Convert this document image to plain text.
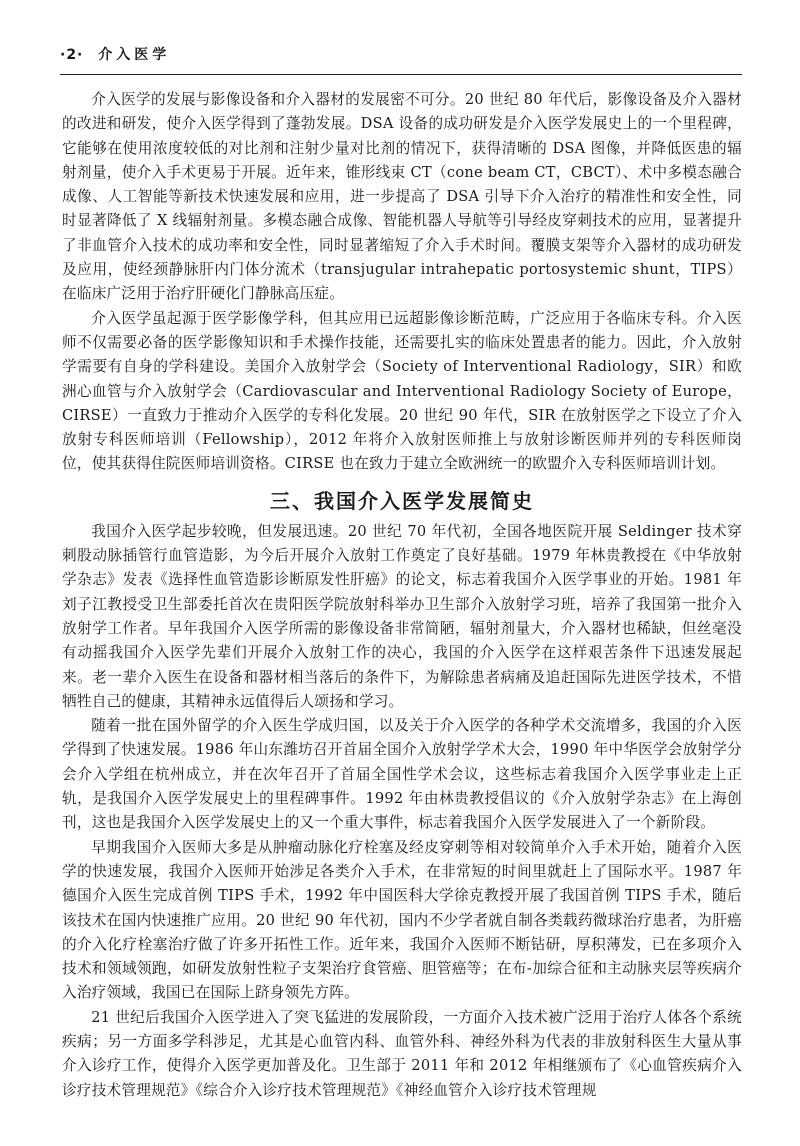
·2· 介入医学

介入医学的发展与影像设备和介入器材的发展密不可分。20 世纪 80 年代后，影像设备及介入器材的改进和研发，使介入医学得到了蓬勃发展。DSA 设备的成功研发是介入医学发展史上的一个里程碑，它能够在使用浓度较低的对比剂和注射少量对比剂的情况下，获得清晰的 DSA 图像，并降低医患的辐射剂量，使介入手术更易于开展。近年来，锥形线束 CT（cone beam CT，CBCT）、术中多模态融合成像、人工智能等新技术快速发展和应用，进一步提高了 DSA 引导下介入治疗的精准性和安全性，同时显著降低了 X 线辐射剂量。多模态融合成像、智能机器人导航等引导经皮穿刺技术的应用，显著提升了非血管介入技术的成功率和安全性，同时显著缩短了介入手术时间。覆膜支架等介入器材的成功研发及应用，使经颈静脉肝内门体分流术（transjugular intrahepatic portosystemic shunt，TIPS）在临床广泛用于治疗肝硬化门静脉高压症。

介入医学虽起源于医学影像学科，但其应用已远超影像诊断范畴，广泛应用于各临床专科。介入医师不仅需要必备的医学影像知识和手术操作技能，还需要扎实的临床处置患者的能力。因此，介入放射学需要有自身的学科建设。美国介入放射学会（Society of Interventional Radiology，SIR）和欧洲心血管与介入放射学会（Cardiovascular and Interventional Radiology Society of Europe，CIRSE）一直致力于推动介入医学的专科化发展。20 世纪 90 年代，SIR 在放射医学之下设立了介入放射专科医师培训（Fellowship），2012 年将介入放射医师推上与放射诊断医师并列的专科医师岗位，使其获得住院医师培训资格。CIRSE 也在致力于建立全欧洲统一的欧盟介入专科医师培训计划。

三、我国介入医学发展简史

我国介入医学起步较晚，但发展迅速。20 世纪 70 年代初，全国各地医院开展 Seldinger 技术穿刺股动脉插管行血管造影，为今后开展介入放射工作奠定了良好基础。1979 年林贵教授在《中华放射学杂志》发表《选择性血管造影诊断原发性肝癌》的论文，标志着我国介入医学事业的开始。1981 年刘子江教授受卫生部委托首次在贵阳医学院放射科举办卫生部介入放射学习班，培养了我国第一批介入放射学工作者。早年我国介入医学所需的影像设备非常简陋，辐射剂量大，介入器材也稀缺，但丝毫没有动摇我国介入医学先辈们开展介入放射工作的决心，我国的介入医学在这样艰苦条件下迅速发展起来。老一辈介入医生在设备和器材相当落后的条件下，为解除患者病痛及追赶国际先进医学技术，不惜牺牲自己的健康，其精神永远值得后人颂扬和学习。

随着一批在国外留学的介入医生学成归国，以及关于介入医学的各种学术交流增多，我国的介入医学得到了快速发展。1986 年山东潍坊召开首届全国介入放射学学术大会，1990 年中华医学会放射学分会介入学组在杭州成立，并在次年召开了首届全国性学术会议，这些标志着我国介入医学事业走上正轨，是我国介入医学发展史上的里程碑事件。1992 年由林贵教授倡议的《介入放射学杂志》在上海创刊，这也是我国介入医学发展史上的又一个重大事件，标志着我国介入医学发展进入了一个新阶段。

早期我国介入医师大多是从肿瘤动脉化疗栓塞及经皮穿刺等相对较简单介入手术开始，随着介入医学的快速发展，我国介入医师开始涉足各类介入手术，在非常短的时间里就赶上了国际水平。1987 年德国介入医生完成首例 TIPS 手术，1992 年中国医科大学徐克教授开展了我国首例 TIPS 手术，随后该技术在国内快速推广应用。20 世纪 90 年代初，国内不少学者就自制各类载药微球治疗患者，为肝癌的介入化疗栓塞治疗做了许多开拓性工作。近年来，我国介入医师不断钻研，厚积薄发，已在多项介入技术和领域领跑，如研发放射性粒子支架治疗食管癌、胆管癌等；在布-加综合征和主动脉夹层等疾病介入治疗领域，我国已在国际上跻身领先方阵。

21 世纪后我国介入医学进入了突飞猛进的发展阶段，一方面介入技术被广泛用于治疗人体各个系统疾病；另一方面多学科涉足，尤其是心血管内科、血管外科、神经外科为代表的非放射科医生大量从事介入诊疗工作，使得介入医学更加普及化。卫生部于 2011 年和 2012 年相继颁布了《心血管疾病介入诊疗技术管理规范》《综合介入诊疗技术管理规范》《神经血管介入诊疗技术管理规
